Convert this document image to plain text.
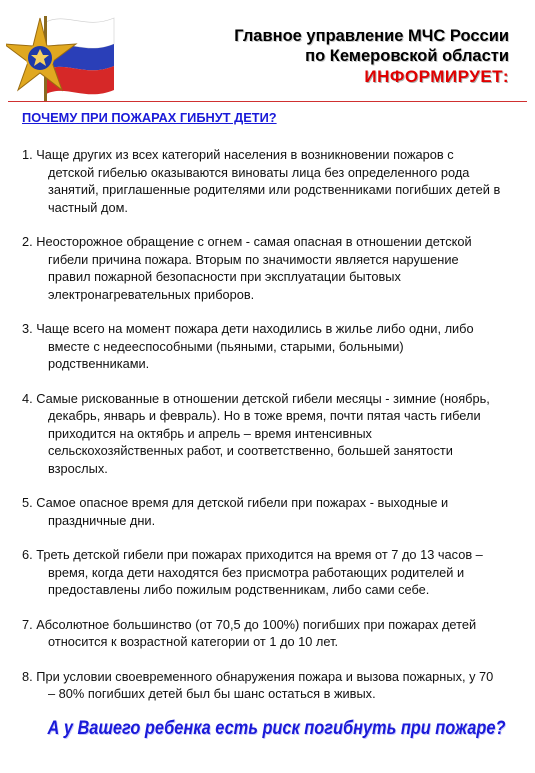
Главное управление МЧС России
по Кемеровской области
ИНФОРМИРУЕТ:
ПОЧЕМУ ПРИ ПОЖАРАХ ГИБНУТ ДЕТИ?
1. Чаще других из всех категорий населения в возникновении пожаров с детской гибелью оказываются виноваты лица без определенного рода занятий, приглашенные родителями или родственниками погибших детей в частный дом.
2. Неосторожное обращение с огнем - самая опасная в отношении детской гибели причина пожара. Вторым по значимости является нарушение правил пожарной безопасности при эксплуатации бытовых электронагревательных приборов.
3. Чаще всего на момент пожара дети находились в жилье либо одни, либо вместе с недееспособными (пьяными, старыми, больными) родственниками.
4. Самые рискованные в отношении детской гибели месяцы - зимние (ноябрь, декабрь, январь и февраль). Но в тоже время, почти пятая часть гибели приходится на октябрь и апрель – время интенсивных сельскохозяйственных работ, и соответственно, большей занятости взрослых.
5. Самое опасное время для детской гибели при пожарах - выходные и праздничные дни.
6. Треть детской гибели при пожарах приходится на время от 7 до 13 часов – время, когда дети находятся без присмотра работающих родителей и предоставлены либо пожилым родственникам, либо сами себе.
7. Абсолютное большинство (от 70,5 до 100%) погибших при пожарах детей относится к возрастной категории от 1 до 10 лет.
8. При условии своевременного обнаружения пожара и вызова пожарных, у 70 – 80% погибших детей был бы шанс остаться в живых.
А у Вашего ребенка есть риск погибнуть при пожаре?
